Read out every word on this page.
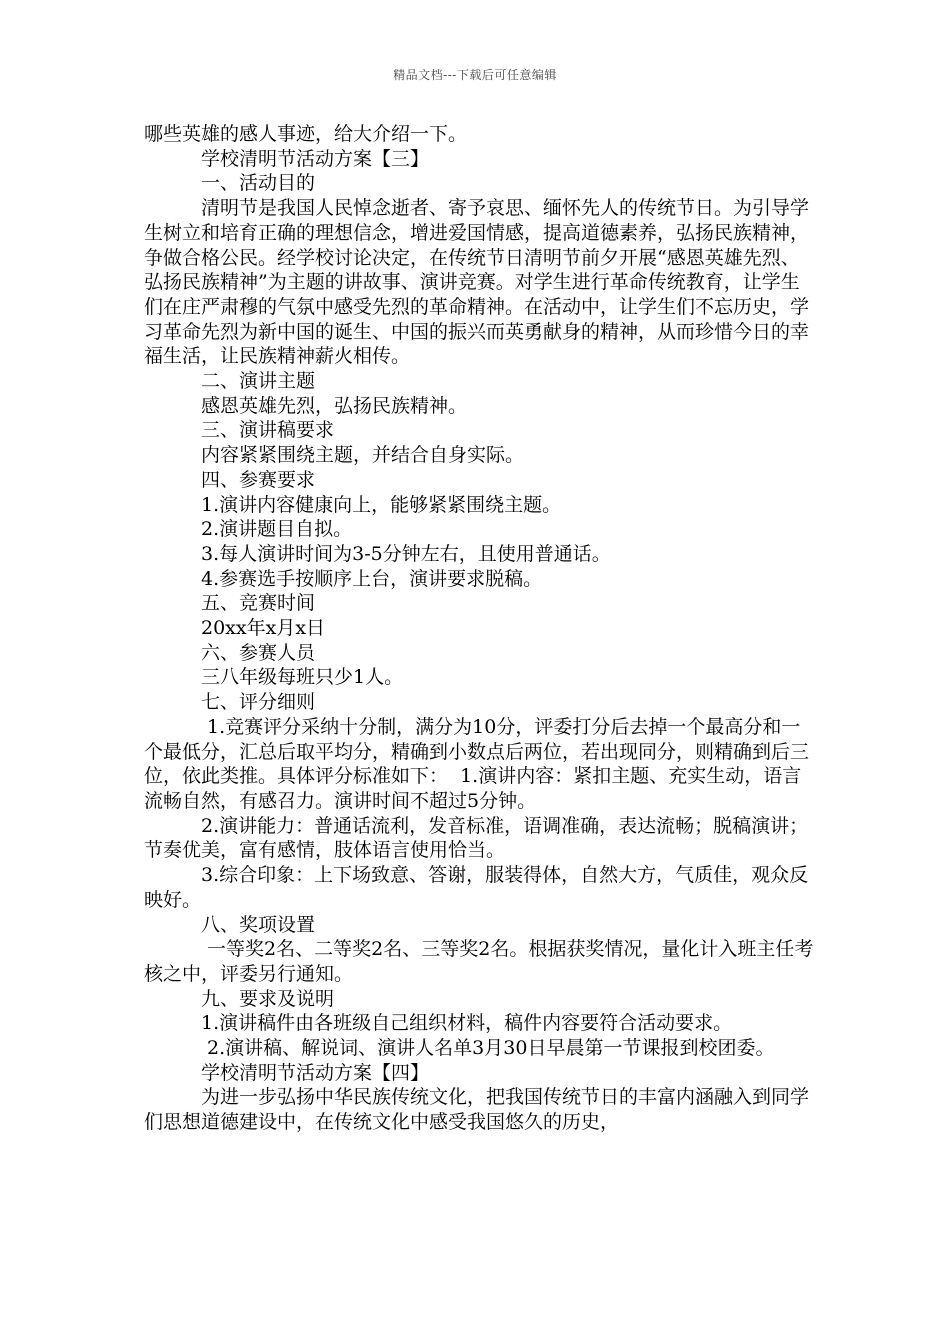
精品文档---下载后可任意编辑

哪些英雄的感人事迹，给大介绍一下。

学校清明节活动方案【三】

一、活动目的

清明节是我国人民悼念逝者、寄予哀思、缅怀先人的传统节日。为引导学生树立和培育正确的理想信念，增进爱国情感，提高道德素养，弘扬民族精神，争做合格公民。经学校讨论决定，在传统节日清明节前夕开展“感恩英雄先烈、弘扬民族精神”为主题的讲故事、演讲竞赛。对学生进行革命传统教育，让学生们在庄严肃穆的气氛中感受先烈的革命精神。在活动中，让学生们不忘历史，学习革命先烈为新中国的诞生、中国的振兴而英勇献身的精神，从而珍惜今日的幸福生活，让民族精神薪火相传。

二、演讲主题

感恩英雄先烈，弘扬民族精神。

三、演讲稿要求

内容紧紧围绕主题，并结合自身实际。

四、参赛要求

1.演讲内容健康向上，能够紧紧围绕主题。

2.演讲题目自拟。

3.每人演讲时间为3-5分钟左右，且使用普通话。

4.参赛选手按顺序上台，演讲要求脱稿。

五、竞赛时间

20xx年x月x日

六、参赛人员

三八年级每班只少1人。

七、评分细则

1.竞赛评分采纳十分制，满分为10分，评委打分后去掉一个最高分和一个最低分，汇总后取平均分，精确到小数点后两位，若出现同分，则精确到后三位，依此类推。具体评分标准如下：  1.演讲内容：紧扣主题、充实生动，语言流畅自然，有感召力。演讲时间不超过5分钟。

2.演讲能力：普通话流利，发音标准，语调准确，表达流畅；脱稿演讲；节奏优美，富有感情，肢体语言使用恰当。

3.综合印象：上下场致意、答谢，服装得体，自然大方，气质佳，观众反映好。

八、奖项设置

一等奖2名、二等奖2名、三等奖2名。根据获奖情况，量化计入班主任考核之中，评委另行通知。

九、要求及说明

1.演讲稿件由各班级自己组织材料，稿件内容要符合活动要求。

2.演讲稿、解说词、演讲人名单3月30日早晨第一节课报到校团委。

学校清明节活动方案【四】

为进一步弘扬中华民族传统文化，把我国传统节日的丰富内涵融入到同学们思想道德建设中，在传统文化中感受我国悠久的历史，
